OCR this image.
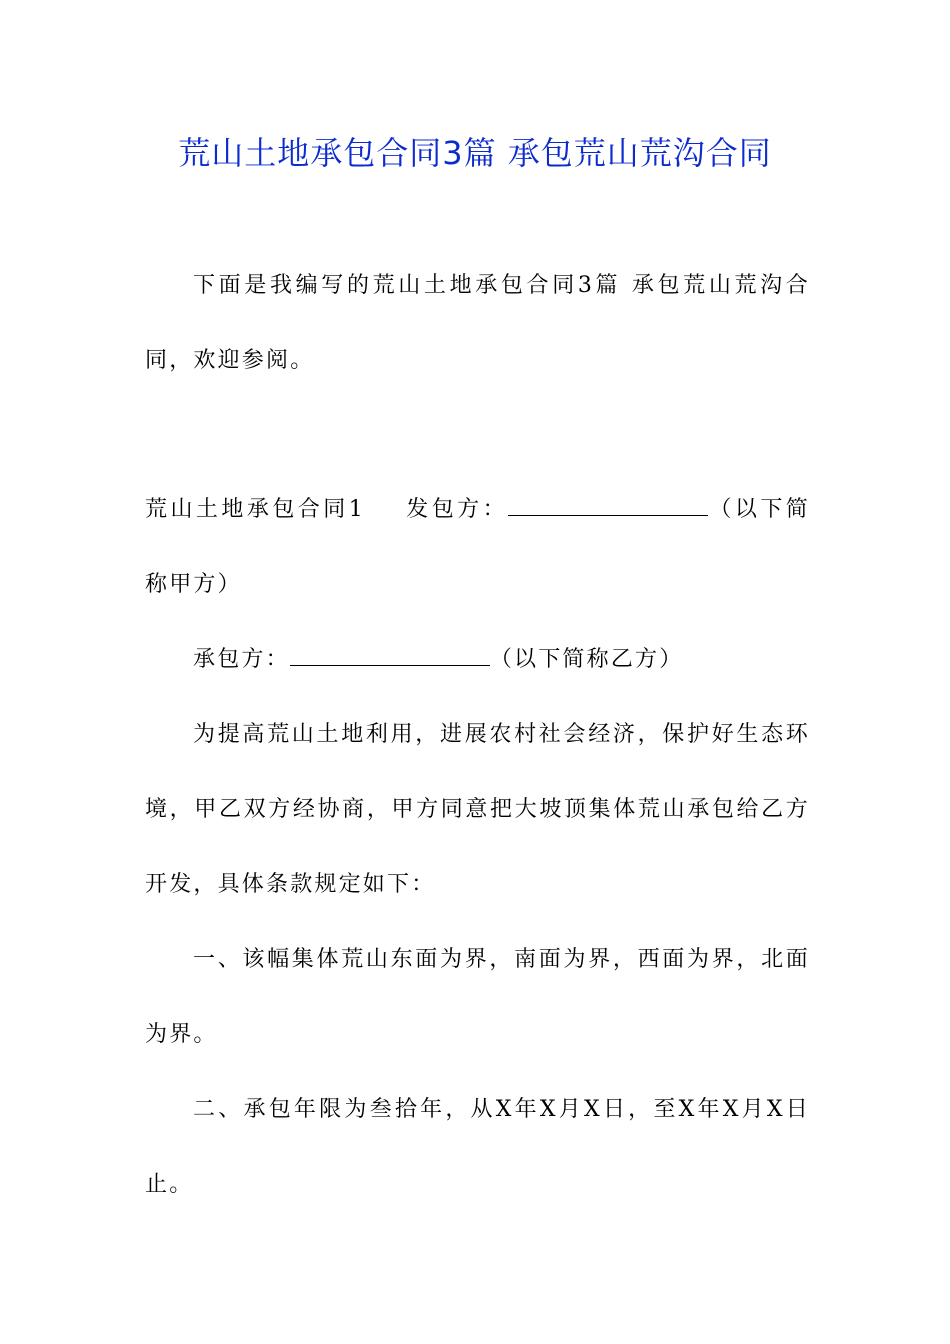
荒山土地承包合同3篇 承包荒山荒沟合同

下面是我编写的荒山土地承包合同3篇 承包荒山荒沟合同，欢迎参阅。

荒山土地承包合同1 发包方：	（以下简称甲方）

承包方：	（以下简称乙方）

为提高荒山土地利用，进展农村社会经济，保护好生态环境，甲乙双方经协商，甲方同意把大坡顶集体荒山承包给乙方开发，具体条款规定如下：

一、该幅集体荒山东面为界，南面为界，西面为界，北面为界。

二、承包年限为叁拾年，从X年X月X日，至X年X月X日止。
